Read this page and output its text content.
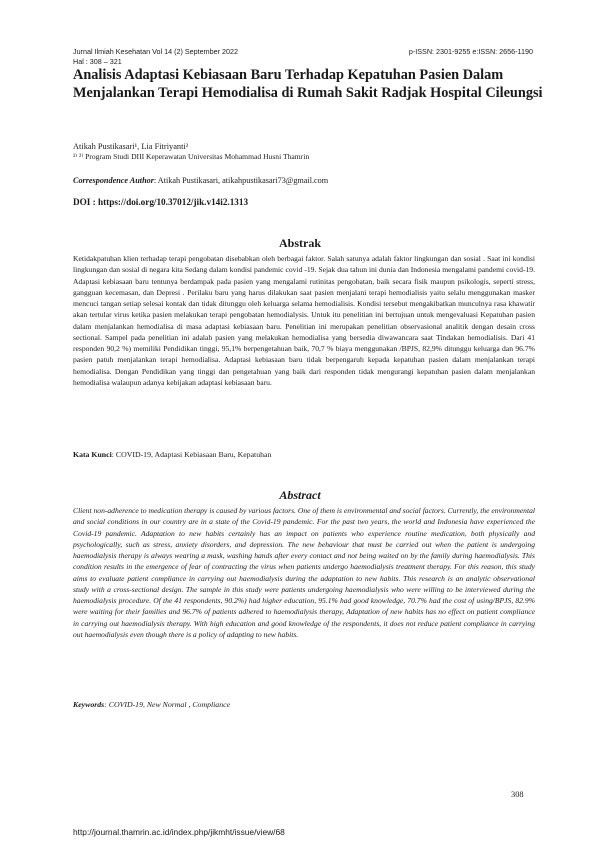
Jurnal Ilmiah Kesehatan Vol 14 (2) September 2022	p-ISSN: 2301-9255 e:ISSN: 2656-1190
Hal : 308 – 321
Analisis Adaptasi Kebiasaan Baru Terhadap Kepatuhan Pasien Dalam Menjalankan Terapi Hemodialisa di Rumah Sakit Radjak Hospital Cileungsi
Atikah Pustikasari¹, Lia Fitriyanti²
¹⁾ ²⁾ Program Studi DIII Keperawatan Universitas Mohammad Husni Thamrin
Correspondence Author: Atikah Pustikasari, atikahpustikasari73@gmail.com
DOI : https://doi.org/10.37012/jik.v14i2.1313
Abstrak

Ketidakpatuhan klien terhadap terapi pengobatan disebabkan oleh berbagai faktor. Salah satunya adalah faktor lingkungan dan sosial . Saat ini kondisi lingkungan dan sosial di negara kita Sedang dalam kondisi pandemic covid -19. Sejak dua tahun ini dunia dan Indonesia mengalami pandemi covid-19. Adaptasi kebiasaan baru tentunya berdampak pada pasien yang mengalami rutinitas pengobatan, baik secara fisik maupun psikologis, seperti stress, gangguan kecemasan, dan Depresi . Perilaku baru yang harus dilakukan saat pasien menjalani terapi hemodialisis yaitu selalu menggunakan masker mencuci tangan setiap selesai kontak dan tidak ditunggu oleh keluarga selama hemodialisis. Kondisi tersebut mengakibatkan munculnya rasa khawatir akan tertular virus ketika pasien melakukan terapi pengobatan hemodialysis. Untuk itu penelitian ini bertujuan untuk mengevaluasi Kepatuhan pasien dalam menjalankan hemodialisa di masa adaptasi kebiasaan baru. Penelitian ini merupakan penelitian observasional analitik dengan desain cross sectional. Sampel pada penelitian ini adalah pasien yang melakukan hemodialisa yang bersedia diwawancara saat Tindakan hemodialisis. Dari 41 responden 90,2 %) memiliki Pendidikan tinggi, 95,1% berpengetahuan baik, 70,7 % biaya menggunakan /BPJS, 82,9% ditunggu keluarga dan 96.7% pasien patuh menjalankan terapi hemodialisa. Adaptasi kebiasaan baru tidak berpengaruh kepada kepatuhan pasien dalam menjalankan terapi hemodialisa. Dengan Pendidikan yang tinggi dan pengetahuan yang baik dari responden tidak mengurangi kepatuhan pasien dalam menjalankan hemodialisa walaupun adanya kebijakan adaptasi kebiasaan baru.

Kata Kunci: COVID-19, Adaptasi Kebiasaan Baru, Kepatuhan
Abstract

Client non-adherence to medication therapy is caused by various factors. One of them is environmental and social factors. Currently, the environmental and social conditions in our country are in a state of the Covid-19 pandemic. For the past two years, the world and Indonesia have experienced the Covid-19 pandemic. Adaptation to new habits certainly has an impact on patients who experience routine medication, both physically and psychologically, such as stress, anxiety disorders, and depression. The new behaviour that must be carried out when the patient is undergoing haemodialysis therapy is always wearing a mask, washing hands after every contact and not being waited on by the family during haemodialysis. This condition results in the emergence of fear of contracting the virus when patients undergo haemodialysis treatment therapy. For this reason, this study aims to evaluate patient compliance in carrying out haemodialysis during the adaptation to new habits. This research is an analytic observational study with a cross-sectional design. The sample in this study were patients undergoing haemodialysis who were willing to be interviewed during the haemodialysis procedure. Of the 41 respondents, 90.2%) had higher education, 95.1% had good knowledge, 70.7% had the cost of using/BPJS, 82.9% were waiting for their families and 96.7% of patients adhered to haemodialysis therapy, Adaptation of new habits has no effect on patient compliance in carrying out haemodialysis therapy. With high education and good knowledge of the respondents, it does not reduce patient compliance in carrying out haemodialysis even though there is a policy of adapting to new habits.

Keywords: COVID-19, New Normal , Compliance
308
http://journal.thamrin.ac.id/index.php/jikmht/issue/view/68
